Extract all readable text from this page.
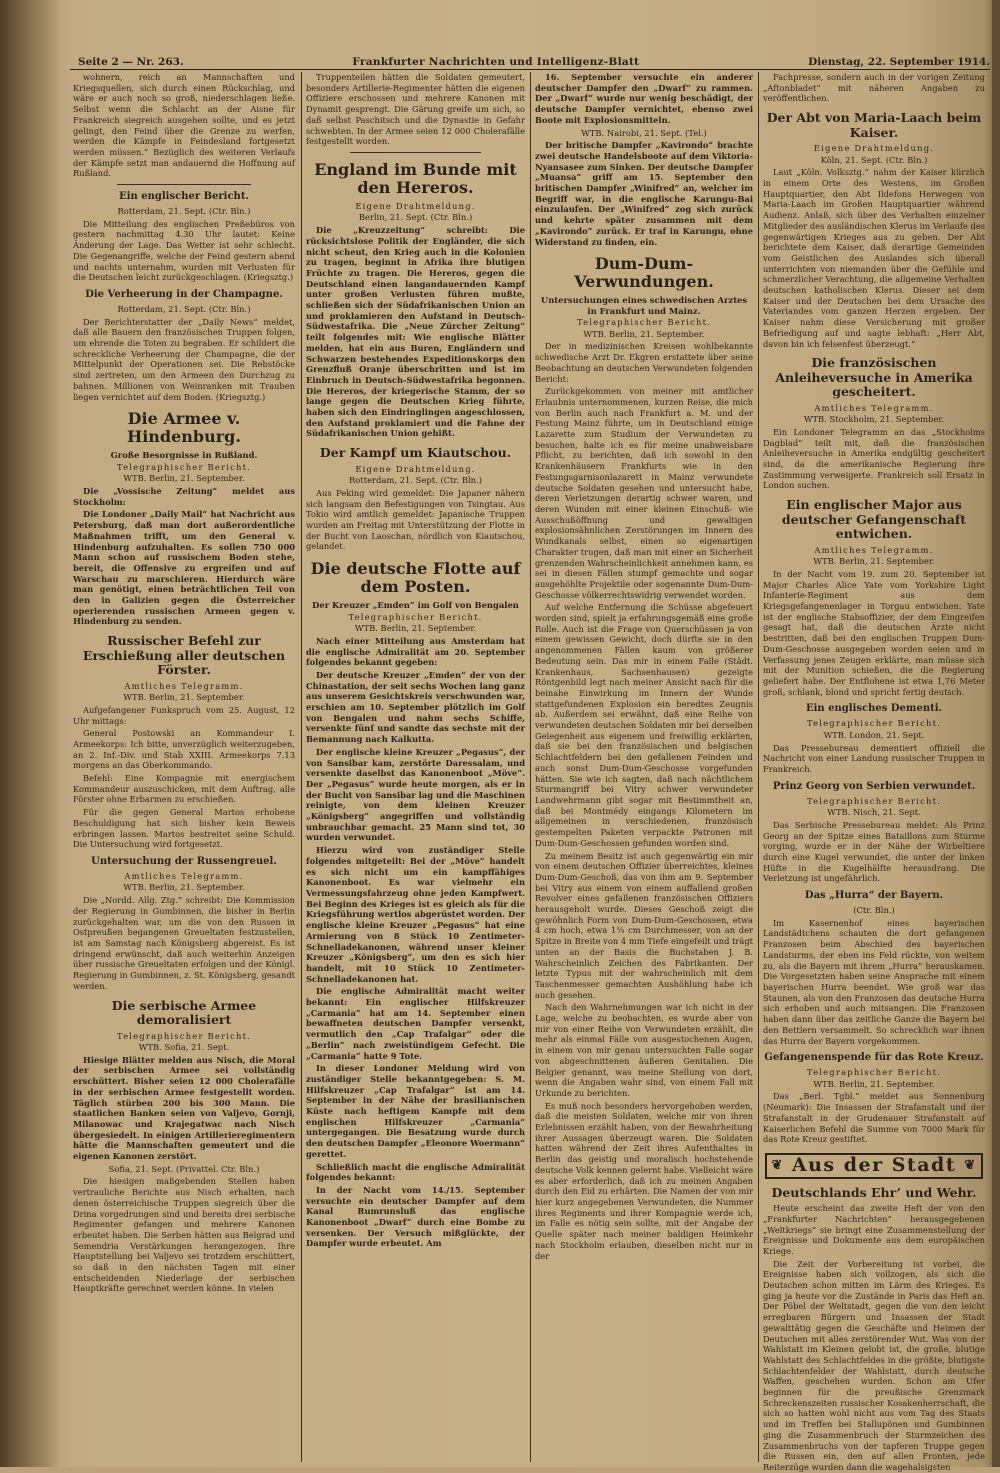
Seite 2 — Nr. 263.	Frankfurter Nachrichten und Intelligenz-Blatt	Dienstag, 22. September 1914.

wohnern, reich an Mannschaften und Kriegsquellen, sich durch einen Rückschlag, und wäre er auch noch so groß, niederschlagen ließe. Selbst wenn die Schlacht an der Aisne für Frankreich siegreich ausgehen sollte, und es jetzt gelingt, den Feind über die Grenze zu werfen, werden die Kämpfe in Feindesland fortgesetzt werden müssen.“ Bezüglich des weiteren Verlaufs der Kämpfe setzt man andauernd die Hoffnung auf Rußland.

Ein englischer Bericht.
Rotterdam, 21. Sept. (Ctr. Bln.)

Die Mitteilung des englischen Preßebüros von gestern nachmittag 4.30 Uhr lautet: Keine Änderung der Lage. Das Wetter ist sehr schlecht. Die Gegenangriffe, welche der Feind gestern abend und nachts unternahm, wurden mit Verlusten für die Deutschen leicht zurückgeschlagen. (Kriegsztg.)

Die Verheerung in der Champagne.
Rotterdam, 21. Sept. (Ctr. Bln.)

Der Berichterstatter der „Daily News“ meldet, daß alle Bauern den französischen Truppen folgen, um ehrende die Toten zu begraben. Er schildert die schreckliche Verheerung der Champagne, die der Mittelpunkt der Operationen sei. Die Rebstöcke sind zertreten, um den Armeen den Durchzug zu bahnen. Millionen von Weinranken mit Trauben liegen vernichtet auf dem Boden. (Kriegsztg.)

Die Armee v. Hindenburg.
Große Besorgnisse in Rußland.
Telegraphischer Bericht.
WTB. Berlin, 21. September.

Die „Vossische Zeitung“ meldet aus Stockholm:

Die Londoner „Daily Mail“ hat Nachricht aus Petersburg, daß man dort außerordentliche Maßnahmen trifft, um den General v. Hindenburg aufzuhalten. Es sollen 750 000 Mann schon auf russischem Boden stehe, bereit, die Offensive zu ergreifen und auf Warschau zu marschieren. Hierdurch wäre man genötigt, einen beträchtlichen Teil von den in Galizien gegen die Österreicher operierenden russischen Armeen gegen v. Hindenburg zu senden.

Russischer Befehl zur Erschießung aller deutschen Förster.
Amtliches Telegramm.
WTB. Berlin, 21. September.

Aufgefangener Funkspruch vom 25. August, 12 Uhr mittags:

General Postowski an Kommandeur I. Armeekorps: Ich bitte, unverzüglich weiterzugeben, an 2. Inf.-Div. und Stab XXIII. Armeekorps 7.13 morgens an das Oberkommando.

Befehl: Eine Kompagnie mit energischem Kommandeur auszuschicken, mit dem Auftrag, alle Förster ohne Erbarmen zu erschießen.

Für die gegen General Martos erhobene Beschuldigung hat sich bisher kein Beweis erbringen lassen. Martos bestreitet seine Schuld. Die Untersuchung wird fortgesetzt.

Untersuchung der Russengreuel.
Amtliches Telegramm.
WTB. Berlin, 21. September.

Die „Nordd. Allg. Ztg.“ schreibt: Die Kommission der Regierung in Gumbinnen, die bisher in Berlin zurückgehalten war, um die von den Russen in Ostpreußen begangenen Greueltaten festzustellen, ist am Samstag nach Königsberg abgereist. Es ist dringend erwünscht, daß auch weiterhin Anzeigen über russische Greueltaten erfolgen und der Königl. Regierung in Gumbinnen, z. St. Königsberg, gesandt werden.

Die serbische Armee demoralisiert
Telegraphischer Bericht.
WTB. Sofia, 21. Sept.

Hiesige Blätter melden aus Nisch, die Moral der serbischen Armee sei vollständig erschüttert. Bisher seien 12 000 Cholerafälle in der serbischen Armee festgestellt worden. Täglich stürben 200 bis 300 Mann. Die staatlichen Banken seien von Valjevo, Gornji, Milanowac und Krajegatwac nach Nisch übergesiedelt. In einigen Artillerieregimentern hätte die Mannschaften gemeutert und die eigenen Kanonen zerstört.

Sofia, 21. Sept. (Privattel. Ctr. Bln.)

Die hiesigen maßgebenden Stellen haben vertrauliche Berichte aus Nisch erhalten, nach denen österreichische Truppen siegreich über die Drina vorgedrungen sind und bereits drei serbische Regimenter gefangen und mehrere Kanonen erbeutet haben. Die Serben hätten aus Belgrad und Semendria Verstärkungen herangezogen. Ihre Hauptstellung bei Valjevo sei trotzdem erschüttert, so daß in den nächsten Tagen mit einer entscheidenden Niederlage der serbischen Hauptkräfte gerechnet werden könne. In vielen

Truppenteilen hätten die Soldaten gemeutert, besonders Artillerie-Regimenter hätten die eigenen Offiziere erschossen und mehrere Kanonen mit Dynamit gesprengt. Die Gärung greife um sich, so daß selbst Paschitsch und die Dynastie in Gefahr schwebten. In der Armee seien 12 000 Cholerafälle festgestellt worden.

England im Bunde mit den Hereros.
Eigene Drahtmeldung.
Berlin, 21. Sept. (Ctr. Bln.)

Die „Kreuzzeitung“ schreibt: Die rücksichtslose Politik der Engländer, die sich nicht scheut, den Krieg auch in die Kolonien zu tragen, beginnt in Afrika ihre blutigen Früchte zu tragen. Die Hereros, gegen die Deutschland einen langandauernden Kampf unter großen Verlusten führen mußte, schließen sich der Südafrikanischen Union an und proklamieren den Aufstand in Deutsch-Südwestafrika. Die „Neue Zürcher Zeitung“ teilt folgendes mit: Wie englische Blätter melden, hat ein aus Buren, Engländern und Schwarzen bestehendes Expeditionskorps den Grenzfluß Oranje überschritten und ist im Einbruch in Deutsch-Südwestafrika begonnen. Die Hereros, der kriegerische Stamm, der so lange gegen die Deutschen Krieg führte, haben sich den Eindringlingen angeschlossen, den Aufstand proklamiert und die Fahne der Südafrikanischen Union gehißt.

Der Kampf um Kiautschou.
Eigene Drahtmeldung.
Rotterdam, 21. Sept. (Ctr. Bln.)

Aus Peking wird gemeldet: Die Japaner nähern sich langsam den Befestigungen von Tsingtau. Aus Tokio wird amtlich gemeldet: Japanische Truppen wurden am Freitag mit Unterstützung der Flotte in der Bucht von Laoschan, nördlich von Kiautschou, gelandet.

Die deutsche Flotte auf dem Posten.
Der Kreuzer „Emden“ im Golf von Bengalen
Telegraphischer Bericht.
WTB. Berlin, 21. September.

Nach einer Mitteilung aus Amsterdam hat die englische Admiralität am 20. September folgendes bekannt gegeben:

Der deutsche Kreuzer „Emden“ der von der Chinastation, der seit sechs Wochen lang ganz aus unserem Gesichtskreis verschwunden war, erschien am 10. September plötzlich im Golf von Bengalen und nahm sechs Schiffe, versenkte fünf und sandte das sechste mit der Bemannung nach Kalkutta.

Der englische kleine Kreuzer „Pegasus“, der von Sansibar kam, zerstörte Daressalam, und versenkte daselbst das Kanonenboot „Möve“. Der „Pegasus“ wurde heute morgen, als er in der Bucht von Sansibar lag und die Maschinen reinigte, von dem kleinen Kreuzer „Königsberg“ angegriffen und vollständig unbrauchbar gemacht. 25 Mann sind tot, 30 wurden verwundet.

Hierzu wird von zuständiger Stelle folgendes mitgeteilt: Bei der „Möve“ handelt es sich nicht um ein kampffähiges Kanonenboot. Es war vielmehr ein Vermessungsfahrzeug ohne jeden Kampfwert. Bei Beginn des Krieges ist es gleich als für die Kriegsführung wertlos abgerüstet worden. Der englische kleine Kreuzer „Pegasus“ hat eine Armierung von 8 Stück 10 Zentimeter-Schnelladekanonen, während unser kleiner Kreuzer „Königsberg“, um den es sich hier handelt, mit 10 Stück 10 Zentimeter-Schnelladekanonen hat.

Die englische Admiralität macht weiter bekannt: Ein englischer Hilfskreuzer „Carmania“ hat am 14. September einen bewaffneten deutschen Dampfer versenkt, vermutlich den „Cap Trafalgar“ oder die „Berlin“ nach zweistündigem Gefecht. Die „Carmania“ hatte 9 Tote.

In dieser Londoner Meldung wird von zuständiger Stelle bekanntgegeben: S. M. Hilfskreuzer „Cap Trafalgar“ ist am 14. September in der Nähe der brasilianischen Küste nach heftigem Kampfe mit dem englischen Hilfskreuzer „Carmania“ untergegangen. Die Besatzung wurde durch den deutschen Dampfer „Eleonore Woermann“ gerettet.

Schließlich macht die englische Admiralität folgendes bekannt:

In der Nacht vom 14./15. September versuchte ein deutscher Dampfer auf dem Kanal Rumrunsluß das englische Kanonenboot „Dwarf“ durch eine Bombe zu versenken. Der Versuch mißglückte, der Dampfer wurde erbeutet. Am

16. September versuchte ein anderer deutscher Dampfer den „Dwarf“ zu rammen. Der „Dwarf“ wurde nur wenig beschädigt, der deutsche Dampfer vernichtet, ebenso zwei Boote mit Explosionsmitteln.

WTB. Nairobi, 21. Sept. (Tel.)

Der britische Dampfer „Kavirondo“ brachte zwei deutsche Handelsboote auf dem Viktoria-Nyansasee zum Sinken. Der deutsche Dampfer „Muansa“ griff am 15. September den britischen Dampfer „Winifred“ an, welcher im Begriff war, in die englische Karungu-Bai einzulaufen. Der „Winifred“ zog sich zurück und kehrte später zusammen mit dem „Kavirondo“ zurück. Er traf in Karungu, ohne Widerstand zu finden, ein.

Dum-Dum-Verwundungen.
Untersuchungen eines schwedischen Arztes in Frankfurt und Mainz.
Telegraphischer Bericht.
WTB. Berlin, 21. September.

Der in medizinischen Kreisen wohlbekannte schwedische Arzt Dr. Ekgren erstattete über seine Beobachtung an deutschen Verwundeten folgenden Bericht:

Zurückgekommen von meiner mit amtlicher Erlaubnis unternommenen, kurzen Reise, die mich von Berlin auch nach Frankfurt a. M. und der Festung Mainz führte, um in Deutschland einige Lazarette zum Studium der Verwundeten zu besuchen, halte ich es für meine unabweisbare Pflicht, zu berichten, daß ich sowohl in den Krankenhäusern Frankfurts wie in den Festungsgarnisonlazarett in Mainz verwundete deutsche Soldaten gesehen und untersucht habe, deren Verletzungen derartig schwer waren, und deren Wunden mit einer kleinen Einschuß- wie Ausschußöffnung und gewaltigen explosionsähnlichen Zerstörungen im Innern des Wundkanals selbst, einen so eigenartigen Charakter trugen, daß man mit einer an Sicherheit grenzenden Wahrscheinlichkeit annehmen kann, es sei in diesen Fällen stumpf gemachte und sogar ausgehöhlte Projektile oder sogenannte Dum-Dum-Geschosse völkerrechtswidrig verwendet worden.

Auf welche Entfernung die Schüsse abgefeuert worden sind, spielt ja erfahrungsgemäß eine große Rolle. Auch ist die Frage von Querschüssen ja von einem gewissen Gewicht, doch dürfte sie in den angenommenen Fällen kaum von größerer Bedeutung sein. Das mir in einem Falle (Städt. Krankenhaus, Sachsenhausen) gezeigte Röntgenbild legt nach meiner Ansicht nach für die beinahe Einwirkung im Innern der Wunde stattgefundenen Explosion ein beredtes Zeugnis ab. Außerdem sei erwähnt, daß eine Reihe von verwundeten deutschen Soldaten mir bei derselben Gelegenheit aus eigenem und freiwillig erklärten, daß sie bei den französischen und belgischen Schlachtfeldern bei den gefallenen Feinden und auch sonst Dum-Dum-Geschosse vorgefunden hätten. Sie wie ich sagten, daß nach nächtlichem Sturmangriff bei Vitry schwer verwundeter Landwehrmann gibt sogar mit Bestimmtheit an, daß bei Montmédy eingangs Kilometern im allgemeinen in verschiedenen, französisch gestempelten Paketen verpackte Patronen mit Dum-Dum-Geschossen gefunden worden sind.

Zu meinem Besitz ist auch gegenwärtig ein mir von einem deutschen Offizier überreichtes, kleines Dum-Dum-Geschoß, das von ihm am 9. September bei Vitry aus einem von einem auffallend großen Revolver eines gefallenen französischen Offiziers herausgeholt wurde. Dieses Geschoß zeigt die gewöhnlich Form von Dum-Dum-Geschossen, etwa 4 cm hoch, etwa 1¼ cm Durchmesser, von an der Spitze in Breite von 4 mm Tiefe eingefeilt und trägt unten an der Basis die Buchstaben J. B. Wahrscheinlich Zeichen des Fabrikanten. Der letzte Typus mit der wahrscheinlich mit dem Taschenmesser gemachten Aushöhlung habe ich auch gesehen.

Nach den Wahrnehmungen war ich nicht in der Lage, welche zu beobachten, es wurde aber von mir von einer Reihe von Verwundeten erzählt, die mehr als einmal Fälle von ausgestochenen Augen, in einem von mir genau untersuchten Falle sogar von abgeschnittenen äußeren Genitalien. Die Belgier genannt, was meine Stellung von dort, wenn die Angaben wahr sind, von einem Fall mit Urkunde zu berichten.

Es muß noch besonders hervorgehoben werden, daß die meisten Soldaten, welche mir von ihren Erlebnissen erzählt haben, von der Bewahrheitung ihrer Aussagen überzeugt waren. Die Soldaten hatten während der Zeit ihres Aufenthaltes in Berlin das geistig und moralisch hochstehende deutsche Volk kennen gelernt habe. Vielleicht wäre es aber erforderlich, daß ich zu meinen Angaben durch den Eid zu erhärten. Die Namen der von mir hier kurz angegebenen Verwundeten, die Nummer ihres Regiments und ihrer Kompagnie werde ich, im Falle es nötig sein sollte, mit der Angabe der Quelle später nach meiner baldigen Heimkehr nach Stockholm erlauben, dieselben nicht nur in der

Fachpresse, sondern auch in der vorigen Zeitung „Aftonbladet“ mit näheren Angaben zu veröffentlichen.

Der Abt von Maria-Laach beim Kaiser.
Eigene Drahtmeldung.
Köln, 21. Sept. (Ctr. Bln.)

Laut „Köln. Volksztg.“ nahm der Kaiser kürzlich in einem Orte des Westens, im Großen Hauptquartier, den Abt Ildefons Herwegen von Maria-Laach im Großen Hauptquartier während Audienz. Anlaß, sich über des Verhalten einzelner Mitglieder des ausländischen Klerus im Verlaufe des gegenwärtigen Krieges aus zu geben. Der Abt berichtete dem Kaiser, daß derartige Gemeinden vom Geistlichen des Auslandes sich überall unterrichten von niemanden über die Gefühle und schmerzlicher Verachtung, die allgemeine Verhalten deutschen katholischen Klerus. Dieser sei dem Kaiser und der Deutschen bei dem Ursache des Vaterlandes vom ganzen Herzen ergeben. Der Kaiser nahm diese Versicherung mit großer Befriedigung auf und sagte lebhaft: „Herr Abt, davon bin ich felsenfest überzeugt.“

Die französischen Anleiheversuche in Amerika gescheitert.
Amtliches Telegramm.
WTB. Stockholm, 21. September.

Ein Londoner Telegramm an das „Stockholms Dagblad“ teilt mit, daß die französischen Anleiheversuche in Amerika endgültig gescheitert sind, da die amerikanische Regierung ihre Zustimmung verweigerte. Frankreich soll Ersatz in London suchen.

Ein englischer Major aus deutscher Gefangenschaft entwichen.
Amtliches Telegramm.
WTB. Berlin, 21. September.

In der Nacht vom 19. zum 20. September ist Major Charles Alice Yate vom Yorkshire Light Infanterie-Regiment aus dem Kriegsgefangenenlager in Torgau entwichen. Yate ist der englische Stabsoffizier, der dem Eingreifen gesagt hat, daß die deutschen Ärzte nicht bestritten, daß bei den englischen Truppen Dum-Dum-Geschosse ausgegeben worden seien und in Verfassung jenes Zeugen erklärte, man müsse sich mit der Munition schießen, die die Regierung geliefert habe. Der Entflohene ist etwa 1,76 Meter groß, schlank, blond und spricht fertig deutsch.

Ein englisches Dementi.
Telegraphischer Bericht.
WTB. London, 21. Sept.

Das Pressebureau dementiert offiziell die Nachricht von einer Landung russischer Truppen in Frankreich.

Prinz Georg von Serbien verwundet.
Telegraphischer Bericht.
WTB. Nisch, 21. Sept.

Das Serbische Pressebureau meldet: Als Prinz Georg an der Spitze eines Bataillons zum Sturme vorging, wurde er in der Nähe der Wirbeltiere durch eine Kugel verwundet, die unter der linken Hüfte in die Kugelhälfte herausdrang. Die Verletzung ist ungefährlich.

Das „Hurra“ der Bayern.
(Ctr. Bln.)

Im Kasernenhof eines bayerischen Landstädtchens schauten die dort gefangenen Franzosen beim Abschied des bayerischen Landsturms, der eben ins Feld rückte, von weitem zu, als die Bayern mit ihrem „Hurra“ herauskamen. Die Vorgesetzten haben seine Ansprache mit einem bayerischen Hurra beendet. Wie groß war das Staunen, als von den Franzosen das deutsche Hurra sich erhoben und auch mitsangen. Die Franzosen haben dann über das zeitliche Ganze die Bayern bei den Bettlern versammelt. So schrecklich war ihnen das Hurra der Bayern vorgekommen.

Gefangenenspende für das Rote Kreuz.
Telegraphischer Bericht.
WTB. Berlin, 21. September.

Das „Berl. Tgbl.“ meldet aus Sonnenburg (Neumark): Die Insassen der Strafanstalt und der Strafanstalt in der Grudenauer Strafanstalt auf Kaiserlichen Befehl die Summe von 7000 Mark für das Rote Kreuz gestiftet.

❦ Aus der Stadt ❦
Deutschlands Ehr’ und Wehr.

Heute erscheint das zweite Heft der von den „Frankfurter Nachrichten“ herausgegebenen „Weltkriegs“ sie bringt eine Zusammenstellung der Ereignisse und Dokumente aus dem europäischen Kriege.

Die Zeit der Vorbereitung ist vorbei, die Ereignisse haben sich vollzogen, als sich die Deutschen schon mitten im Lärm des Krieges. Es ging ja heute vor die Zustände in Paris das Heft an. Der Pöbel der Weltstadt, gegen die von den leicht erregbaren Bürgern und Insassen der Stadt gewalttätig gegen die Geschäfte und Heimen der Deutschen mit alles zerstörender Wut. Was von der Wahlstatt im Kleinen gelobt ist, die große, blutige Wahlstatt des Schlachtfeldes in die größte, blutigste Schlachtenfelder der Wahlstatt, durch deutsche Waffen, geschehen wurden. Schon am Ufer beginnen für die preußische Grenzmark Schreckenszeiten russischer Kosakenherrschaft, die sich so hatten wohl nicht aus vom Tag des Staats und im Treffen bei Stallupönen und Gumbinnen ging die Zusammenbruch der Sturmzeichen des Zusammenbruchs von der tapferen Truppe gegen die Russen ein, den auf allen Fronten, jede Reiterzüge wurden dann die wagehalsigsten
